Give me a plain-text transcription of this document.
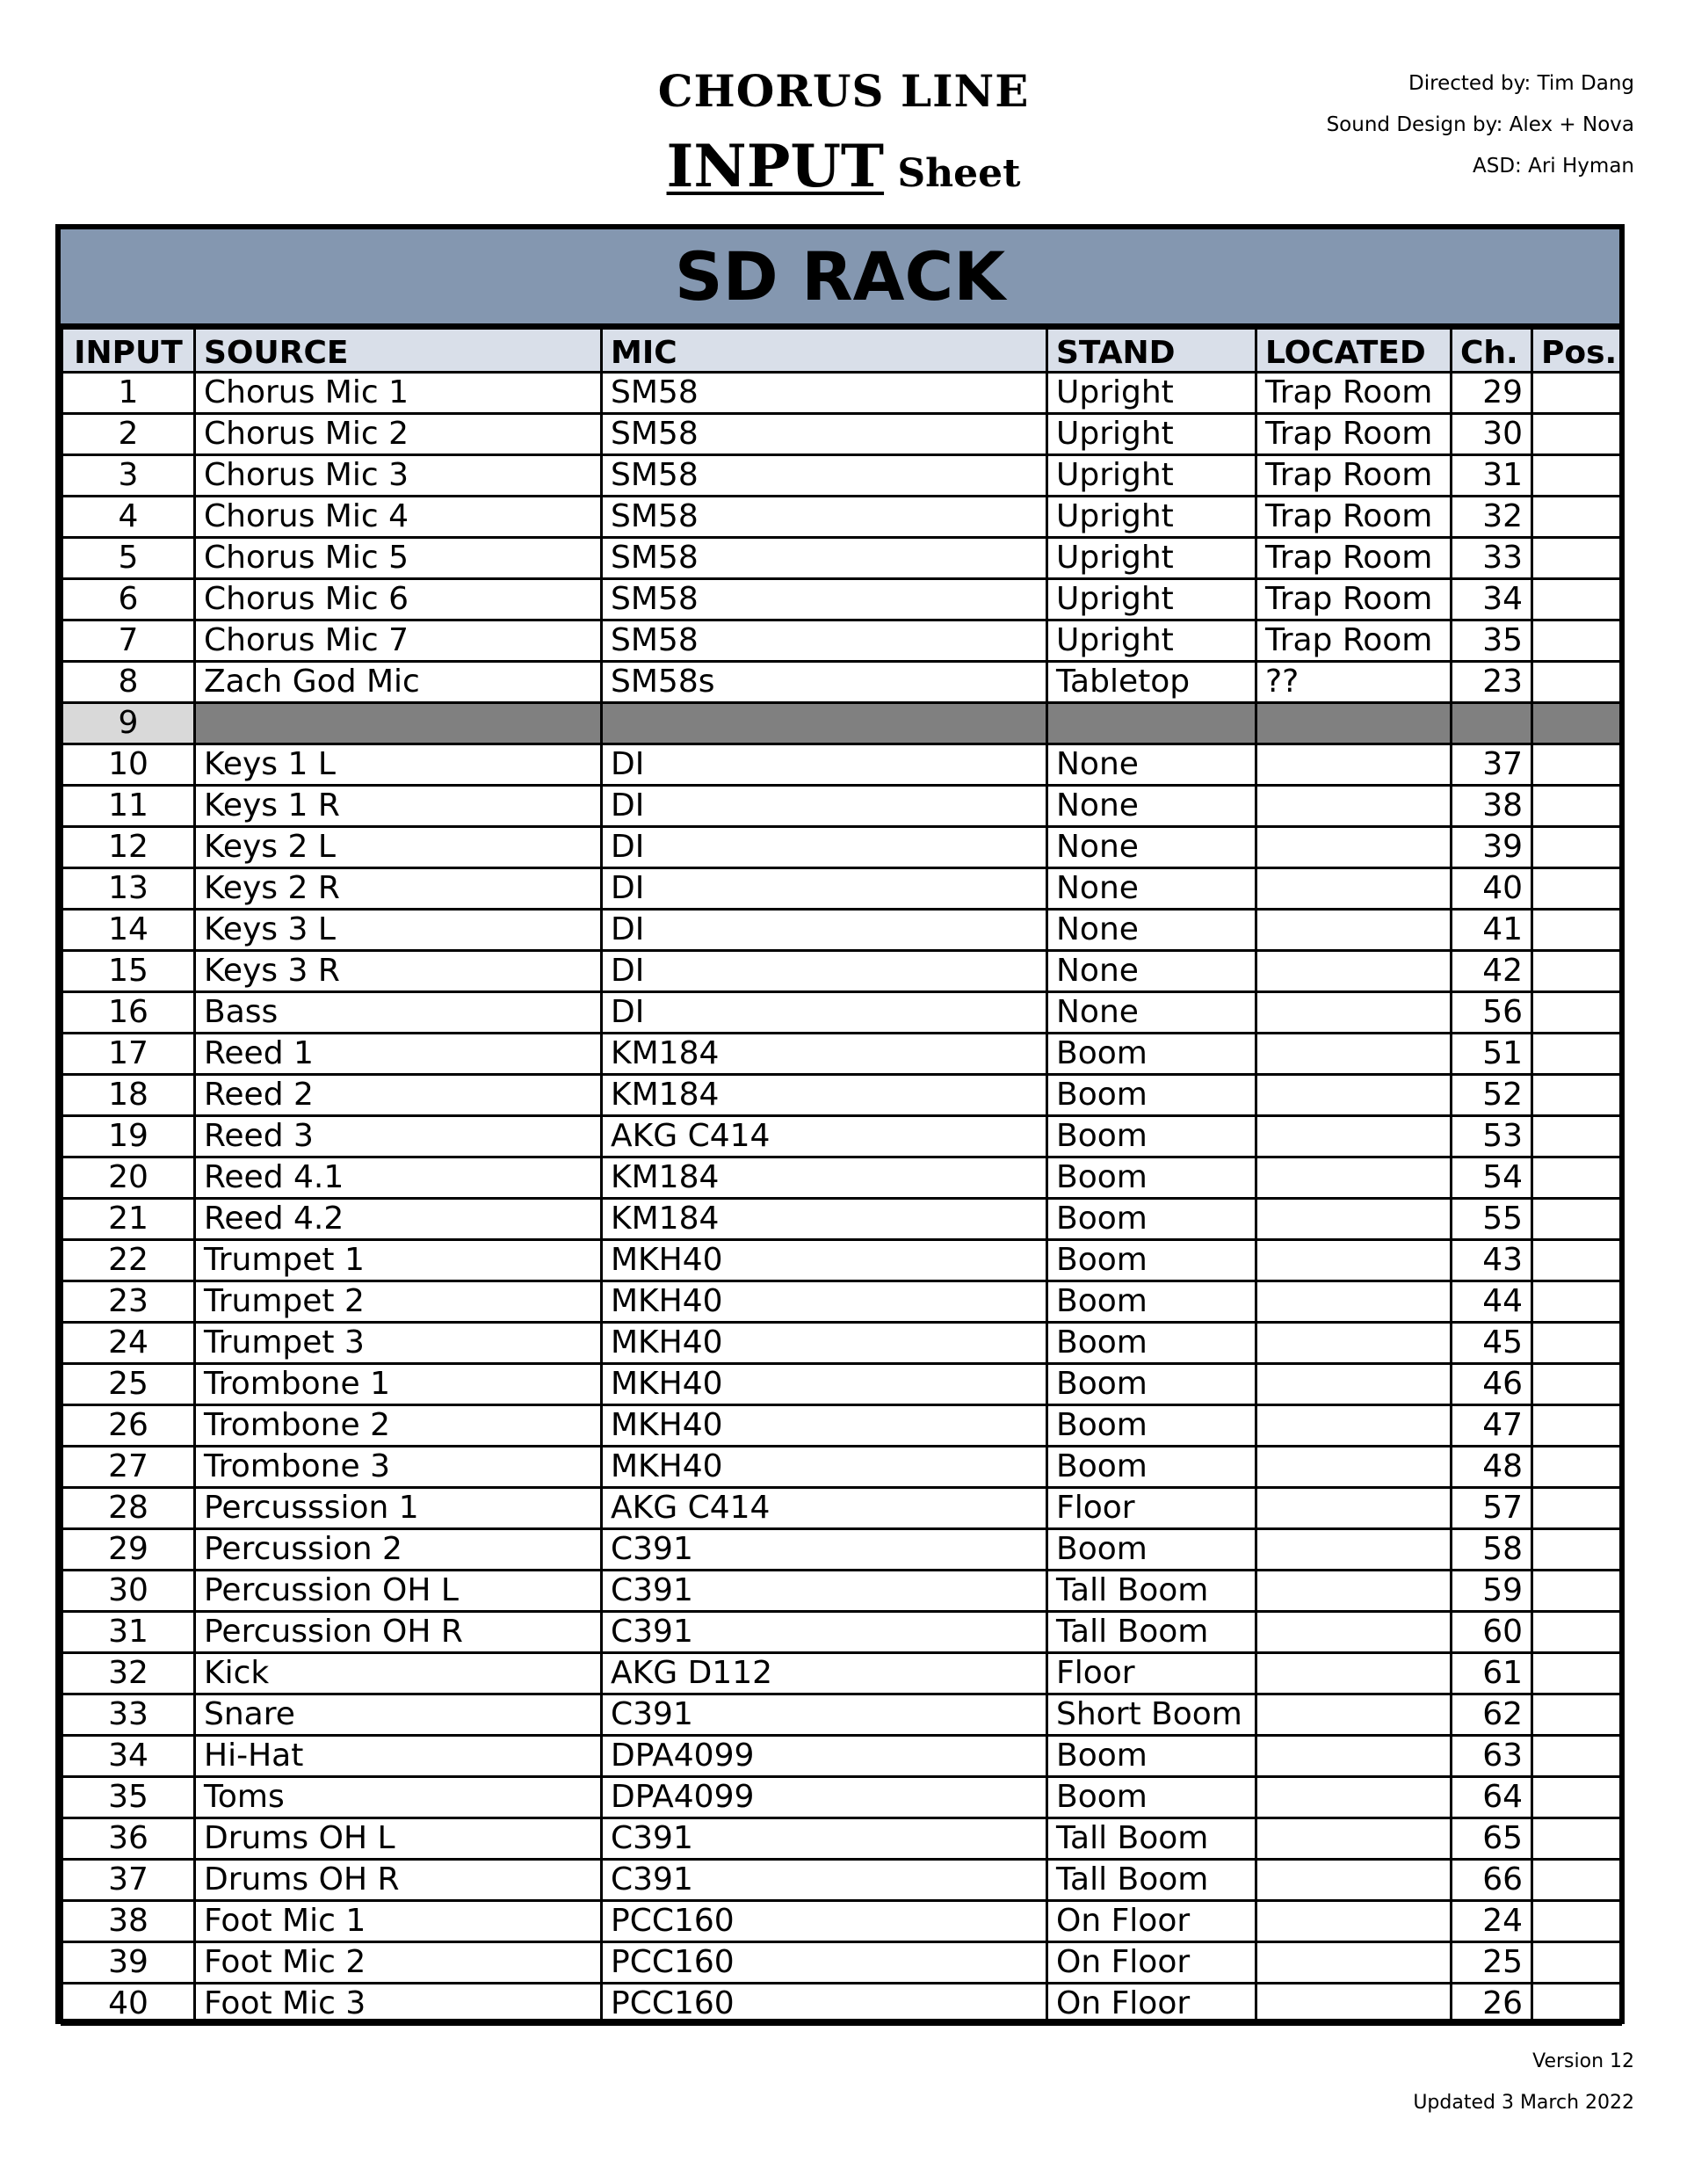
CHORUS LINE
INPUT Sheet
Directed by: Tim Dang
Sound Design by: Alex + Nova
ASD: Ari Hyman
SD RACK
INPUT	SOURCE	MIC	STAND	LOCATED	Ch.	Pos.
1	Chorus Mic 1	SM58	Upright	Trap Room	29	
2	Chorus Mic 2	SM58	Upright	Trap Room	30	
3	Chorus Mic 3	SM58	Upright	Trap Room	31	
4	Chorus Mic 4	SM58	Upright	Trap Room	32	
5	Chorus Mic 5	SM58	Upright	Trap Room	33	
6	Chorus Mic 6	SM58	Upright	Trap Room	34	
7	Chorus Mic 7	SM58	Upright	Trap Room	35	
8	Zach God Mic	SM58s	Tabletop	??	23	
9						
10	Keys 1 L	DI	None		37	
11	Keys 1 R	DI	None		38	
12	Keys 2 L	DI	None		39	
13	Keys 2 R	DI	None		40	
14	Keys 3 L	DI	None		41	
15	Keys 3 R	DI	None		42	
16	Bass	DI	None		56	
17	Reed 1	KM184	Boom		51	
18	Reed 2	KM184	Boom		52	
19	Reed 3	AKG C414	Boom		53	
20	Reed 4.1	KM184	Boom		54	
21	Reed 4.2	KM184	Boom		55	
22	Trumpet 1	MKH40	Boom		43	
23	Trumpet 2	MKH40	Boom		44	
24	Trumpet 3	MKH40	Boom		45	
25	Trombone 1	MKH40	Boom		46	
26	Trombone 2	MKH40	Boom		47	
27	Trombone 3	MKH40	Boom		48	
28	Percusssion 1	AKG C414	Floor		57	
29	Percussion 2	C391	Boom		58	
30	Percussion OH L	C391	Tall Boom		59	
31	Percussion OH R	C391	Tall Boom		60	
32	Kick	AKG D112	Floor		61	
33	Snare	C391	Short Boom		62	
34	Hi-Hat	DPA4099	Boom		63	
35	Toms	DPA4099	Boom		64	
36	Drums OH L	C391	Tall Boom		65	
37	Drums OH R	C391	Tall Boom		66	
38	Foot Mic 1	PCC160	On Floor		24	
39	Foot Mic 2	PCC160	On Floor		25	
40	Foot Mic 3	PCC160	On Floor		26	
Version 12
Updated 3 March 2022
